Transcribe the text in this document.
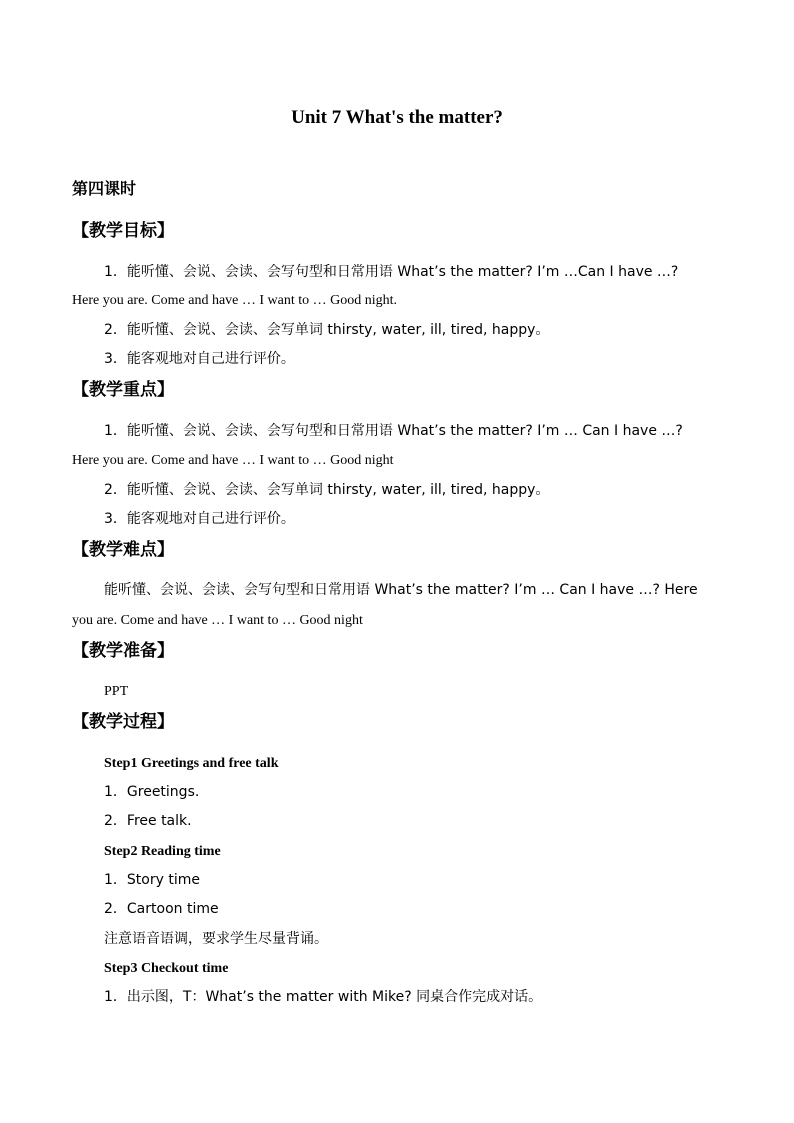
Unit 7 What's the matter?
第四课时
【教学目标】
1．能听懂、会说、会读、会写句型和日常用语 What’s the matter? I’m …Can I have …?
Here you are. Come and have … I want to … Good night.
2．能听懂、会说、会读、会写单词 thirsty, water, ill, tired, happy。
3．能客观地对自己进行评价。
【教学重点】
1．能听懂、会说、会读、会写句型和日常用语 What’s the matter? I’m … Can I have …?
Here you are. Come and have … I want to … Good night
2．能听懂、会说、会读、会写单词 thirsty, water, ill, tired, happy。
3．能客观地对自己进行评价。
【教学难点】
能听懂、会说、会读、会写句型和日常用语 What’s the matter? I’m … Can I have …? Here
you are. Come and have … I want to … Good night
【教学准备】
PPT
【教学过程】
Step1 Greetings and free talk
1．Greetings.
2．Free talk.
Step2 Reading time
1．Story time
2．Cartoon time
注意语音语调，要求学生尽量背诵。
Step3 Checkout time
1．出示图，T：What’s the matter with Mike? 同桌合作完成对话。
